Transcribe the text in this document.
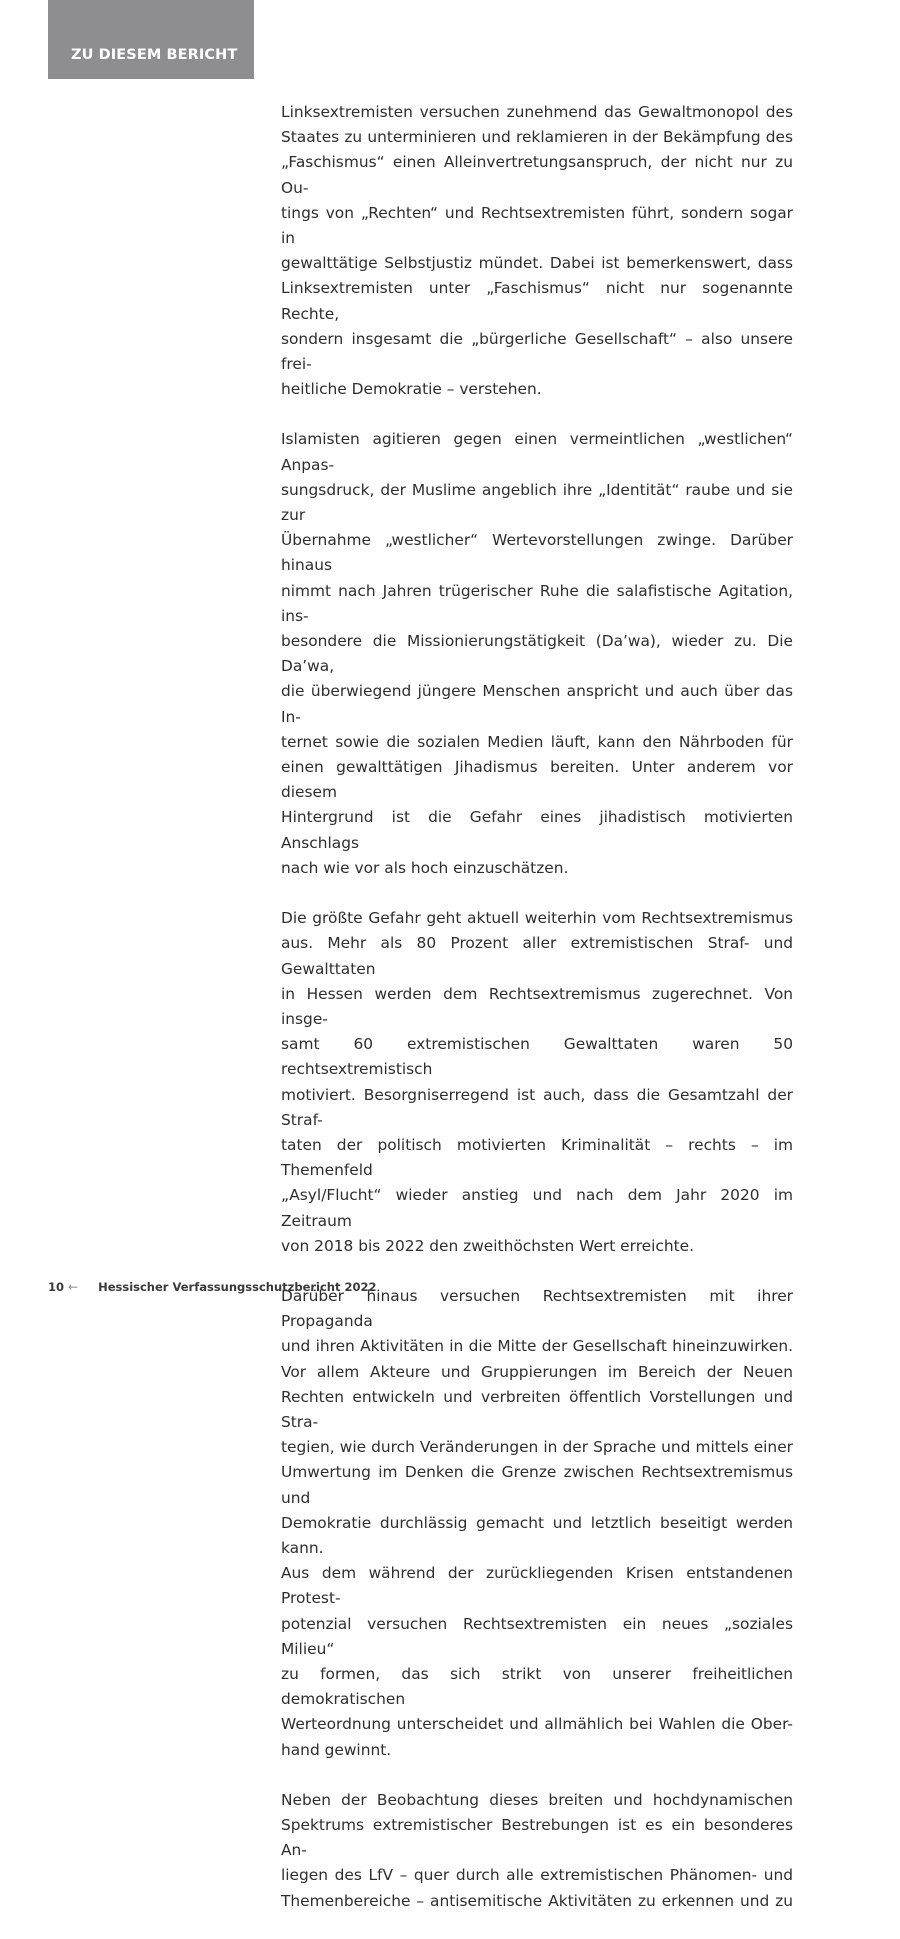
ZU DIESEM BERICHT

Linksextremisten versuchen zunehmend das Gewaltmonopol des
Staates zu unterminieren und reklamieren in der Bekämpfung des
„Faschismus“ einen Alleinvertretungsanspruch, der nicht nur zu Ou-
tings von „Rechten“ und Rechtsextremisten führt, sondern sogar in
gewalttätige Selbstjustiz mündet. Dabei ist bemerkenswert, dass
Linksextremisten unter „Faschismus“ nicht nur sogenannte Rechte,
sondern insgesamt die „bürgerliche Gesellschaft“ – also unsere frei-
heitliche Demokratie – verstehen.

Islamisten agitieren gegen einen vermeintlichen „westlichen“ Anpas-
sungsdruck, der Muslime angeblich ihre „Identität“ raube und sie zur
Übernahme „westlicher“ Wertevorstellungen zwinge. Darüber hinaus
nimmt nach Jahren trügerischer Ruhe die salafistische Agitation, ins-
besondere die Missionierungstätigkeit (Da’wa), wieder zu. Die Da’wa,
die überwiegend jüngere Menschen anspricht und auch über das In-
ternet sowie die sozialen Medien läuft, kann den Nährboden für
einen gewalttätigen Jihadismus bereiten. Unter anderem vor diesem
Hintergrund ist die Gefahr eines jihadistisch motivierten Anschlags
nach wie vor als hoch einzuschätzen.

Die größte Gefahr geht aktuell weiterhin vom Rechtsextremismus
aus. Mehr als 80 Prozent aller extremistischen Straf- und Gewalttaten
in Hessen werden dem Rechtsextremismus zugerechnet. Von insge-
samt 60 extremistischen Gewalttaten waren 50 rechtsextremistisch
motiviert. Besorgniserregend ist auch, dass die Gesamtzahl der Straf-
taten der politisch motivierten Kriminalität – rechts – im Themenfeld
„Asyl/Flucht“ wieder anstieg und nach dem Jahr 2020 im Zeitraum
von 2018 bis 2022 den zweithöchsten Wert erreichte.

Darüber hinaus versuchen Rechtsextremisten mit ihrer Propaganda
und ihren Aktivitäten in die Mitte der Gesellschaft hineinzuwirken.
Vor allem Akteure und Gruppierungen im Bereich der Neuen
Rechten entwickeln und verbreiten öffentlich Vorstellungen und Stra-
tegien, wie durch Veränderungen in der Sprache und mittels einer
Umwertung im Denken die Grenze zwischen Rechtsextremismus und
Demokratie durchlässig gemacht und letztlich beseitigt werden kann.
Aus dem während der zurückliegenden Krisen entstandenen Protest-
potenzial versuchen Rechtsextremisten ein neues „soziales Milieu“
zu formen, das sich strikt von unserer freiheitlichen demokratischen
Werteordnung unterscheidet und allmählich bei Wahlen die Ober-
hand gewinnt.

Neben der Beobachtung dieses breiten und hochdynamischen
Spektrums extremistischer Bestrebungen ist es ein besonderes An-
liegen des LfV – quer durch alle extremistischen Phänomen- und
Themenbereiche – antisemitische Aktivitäten zu erkennen und zu

10 ← Hessischer Verfassungsschutzbericht 2022
